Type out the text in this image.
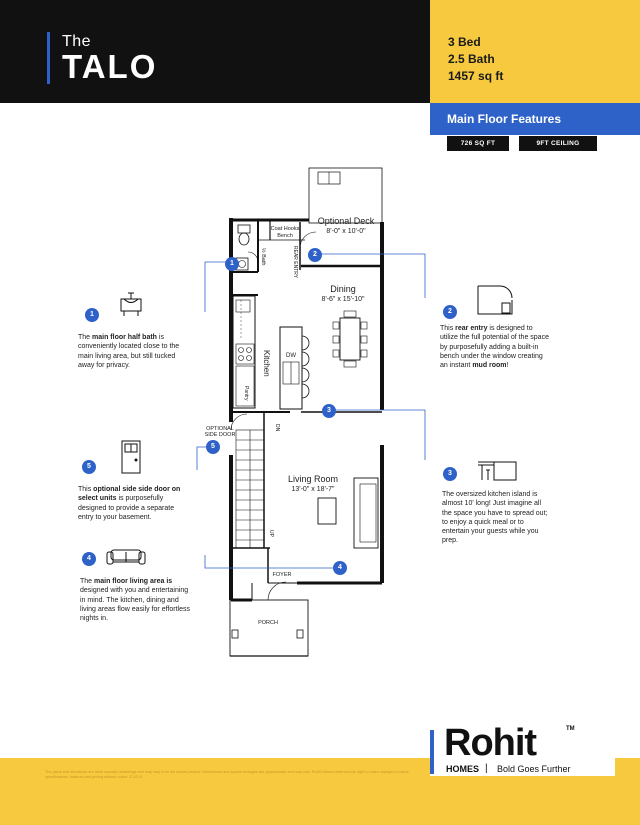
The
TALO
3 Bed
2.5 Bath
1457 sq ft
Main Floor Features
726 SQ FT	9FT CEILING
Optional Deck
8'-0" x 10'-0"
Coat Hooks
Bench
REAR ENTRY
½ Bath
Dining
8'-6" x 15'-10"
DW
Kitchen
Pantry
OPTIONAL
SIDE DOOR
DN
UP
Living Room
13'-0" x 18'-7"
FOYER
PORCH
1
2
3
4
5
1	2
3
4
5
The main floor half bath is conveniently located close to the main living area, but still tucked away for privacy.
This rear entry is designed to utilize the full potential of the space by purposefully adding a built-in bench under the window creating an instant mud room!
The oversized kitchen island is almost 10' long! Just imagine all the space you have to spread out; to enjoy a quick meal or to entertain your guests while you prep.
The main floor living area is designed with you and entertaining in mind. The kitchen, dining and living areas flow easily for effortless nights in.
This optional side side door on select units is purposefully designed to provide a separate entry to your basement.
The plans and elevations are artist concept renderings and may vary from the actual product. Dimensions and square footages are approximate and may vary. Rohit Homes reserves the right to make changes to plans, specifications, features and pricing without notice. E.&O.E.
Rohit	TM
HOMES | Bold Goes Further
